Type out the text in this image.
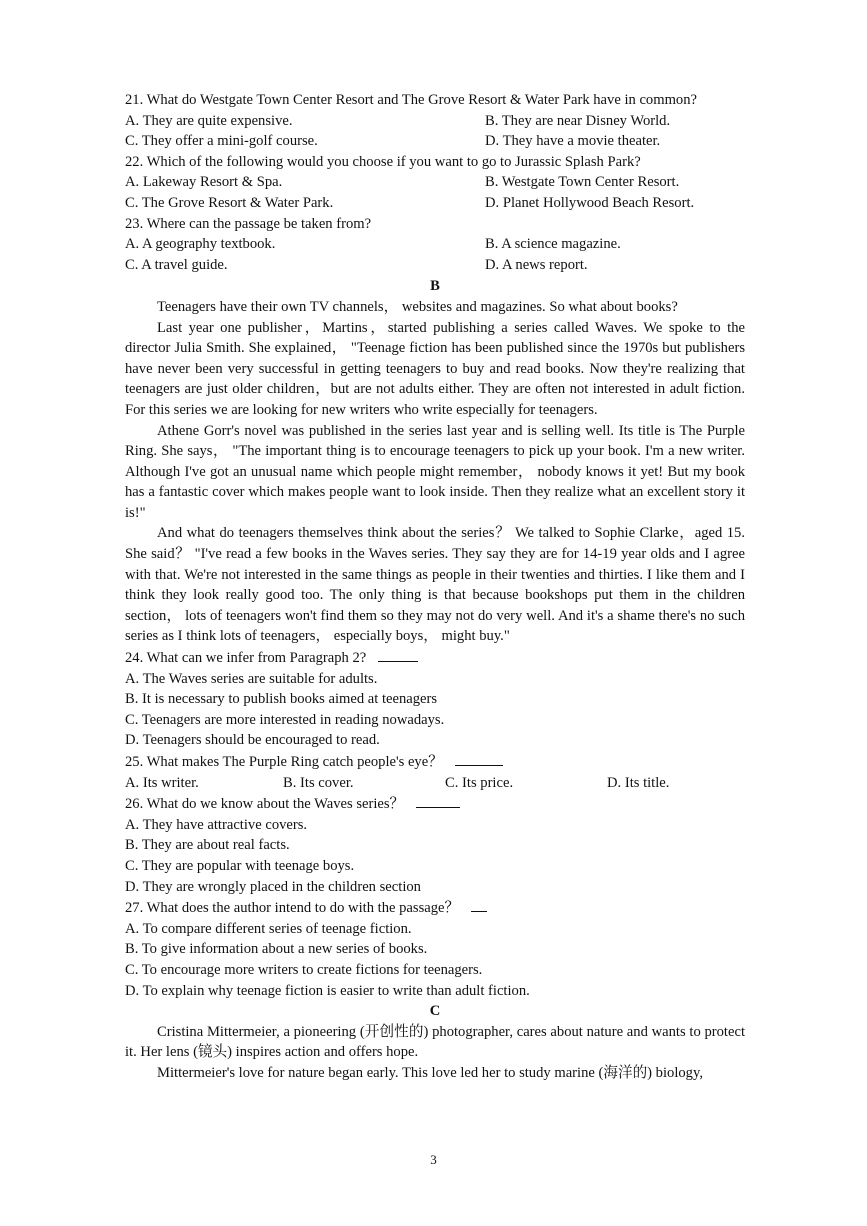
21. What do Westgate Town Center Resort and The Grove Resort & Water Park have in common?
A. They are quite expensive.	B. They are near Disney World.
C. They offer a mini-golf course.	D. They have a movie theater.
22. Which of the following would you choose if you want to go to Jurassic Splash Park?
A. Lakeway Resort & Spa.	B. Westgate Town Center Resort.
C. The Grove Resort & Water Park.	D. Planet Hollywood Beach Resort.
23. Where can the passage be taken from?
A. A geography textbook.	B. A science magazine.
C. A travel guide.	D. A news report.
B
Teenagers have their own TV channels， websites and magazines. So what about books?
Last year one publisher，Martins，started publishing a series called Waves. We spoke to the director Julia Smith. She explained， "Teenage fiction has been published since the 1970s but publishers have never been very successful in getting teenagers to buy and read books. Now they're realizing that teenagers are just older children，but are not adults either. They are often not interested in adult fiction. For this series we are looking for new writers who write especially for teenagers.
Athene Gorr's novel was published in the series last year and is selling well. Its title is The Purple Ring. She says， "The important thing is to encourage teenagers to pick up your book. I'm a new writer. Although I've got an unusual name which people might remember， nobody knows it yet! But my book has a fantastic cover which makes people want to look inside. Then they realize what an excellent story it is!"
And what do teenagers themselves think about the series？ We talked to Sophie Clarke，aged 15. She said？ "I've read a few books in the Waves series. They say they are for 14-19 year olds and I agree with that. We're not interested in the same things as people in their twenties and thirties. I like them and I think they look really good too. The only thing is that because bookshops put them in the children section， lots of teenagers won't find them so they may not do very well. And it's a shame there's no such series as I think lots of teenagers， especially boys， might buy."
24. What can we infer from Paragraph 2?
A. The Waves series are suitable for adults.
B. It is necessary to publish books aimed at teenagers
C. Teenagers are more interested in reading nowadays.
D. Teenagers should be encouraged to read.
25. What makes The Purple Ring catch people's eye？
A. Its writer.	B. Its cover.	C. Its price.	D. Its title.
26. What do we know about the Waves series？
A. They have attractive covers.
B. They are about real facts.
C. They are popular with teenage boys.
D. They are wrongly placed in the children section
27. What does the author intend to do with the passage？
A. To compare different series of teenage fiction.
B. To give information about a new series of books.
C. To encourage more writers to create fictions for teenagers.
D. To explain why teenage fiction is easier to write than adult fiction.
C
Cristina Mittermeier, a pioneering (开创性的) photographer, cares about nature and wants to protect it. Her lens (镜头) inspires action and offers hope.
Mittermeier's love for nature began early. This love led her to study marine (海洋的) biology,
3
